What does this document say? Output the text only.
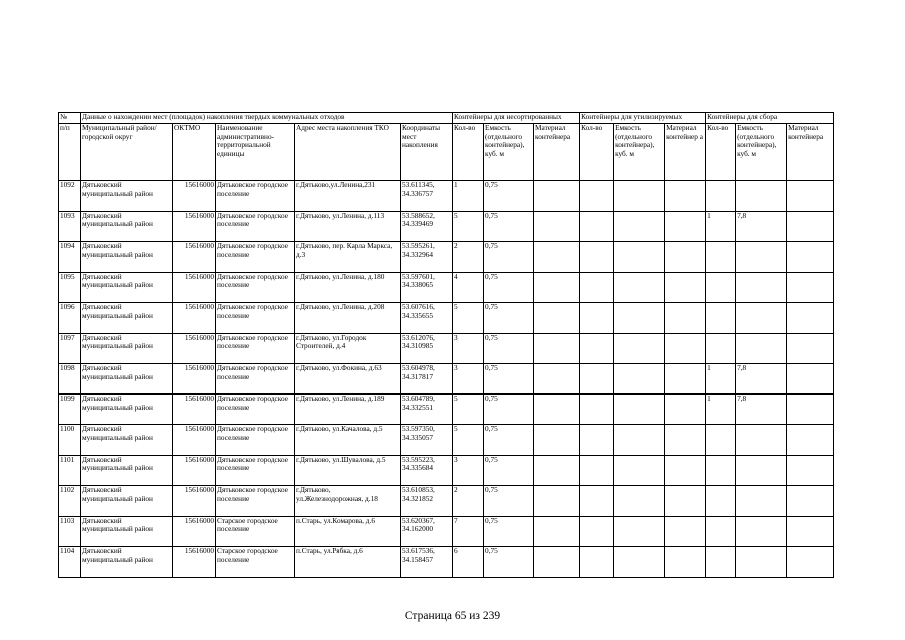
№	Данные о нахождении мест (площадок) накопления твердых коммунальных отходов					Контейнеры для несортированных			Контейнеры для утилизируемых			Контейнеры для сбора		
п/п	Муниципальный район/городской округ	ОКТМО	Наименование административно-территориальной единицы	Адрес места накопления ТКО	Координаты мест накопления	Кол-во	Емкость (отдельного контейнера), куб. м	Материал контейнера	Кол-во	Емкость (отдельного контейнера), куб. м	Материал контейнер а	Кол-во	Емкость (отдельного контейнера), куб. м	Материал контейнера
1092	Дятьковский муниципальный район	15616000	Дятьковское городское поселение	г.Дятьково,ул.Ленина,231	53.611345, 34.336757	1	0,75							
1093	Дятьковский муниципальный район	15616000	Дятьковское городское поселение	г.Дятьково, ул.Ленина, д.113	53.588652, 34.339469	5	0,75					1	7,8	
1094	Дятьковский муниципальный район	15616000	Дятьковское городское поселение	г.Дятьково, пер. Карла Маркса, д.3	53.595261, 34.332964	2	0,75							
1095	Дятьковский муниципальный район	15616000	Дятьковское городское поселение	г.Дятьково, ул.Ленина, д.180	53.597601, 34.338065	4	0,75							
1096	Дятьковский муниципальный район	15616000	Дятьковское городское поселение	г.Дятьково, ул.Ленина, д.208	53.607616, 34.335655	5	0,75							
1097	Дятьковский муниципальный район	15616000	Дятьковское городское поселение	г.Дятьково, ул.Городок Строителей, д.4	53.612076, 34.310985	3	0,75							
1098	Дятьковский муниципальный район	15616000	Дятьковское городское поселение	г.Дятьково, ул.Фокина, д.63	53.604978, 34.317817	3	0,75					1	7,8	
1099	Дятьковский муниципальный район	15616000	Дятьковское городское поселение	г.Дятьково, ул.Ленина, д.189	53.604789, 34.332551	5	0,75					1	7,8	
1100	Дятьковский муниципальный район	15616000	Дятьковское городское поселение	г.Дятьково, ул.Качалова, д.5	53.597350, 34.335057	5	0,75							
1101	Дятьковский муниципальный район	15616000	Дятьковское городское поселение	г.Дятьково, ул.Шувалова, д.5	53.595223, 34.335684	3	0,75							
1102	Дятьковский муниципальный район	15616000	Дятьковское городское поселение	г.Дятьково, ул.Железнодорожная, д.18	53.610853, 34.321852	2	0,75							
1103	Дятьковский муниципальный район	15616000	Старское городское поселение	п.Старь, ул.Комарова, д.6	53.620367, 34.162000	7	0,75							
1104	Дятьковский муниципальный район	15616000	Старское городское поселение	п.Старь, ул.Рябка, д.6	53.617536, 34.158457	6	0,75							
Страница 65 из 239
